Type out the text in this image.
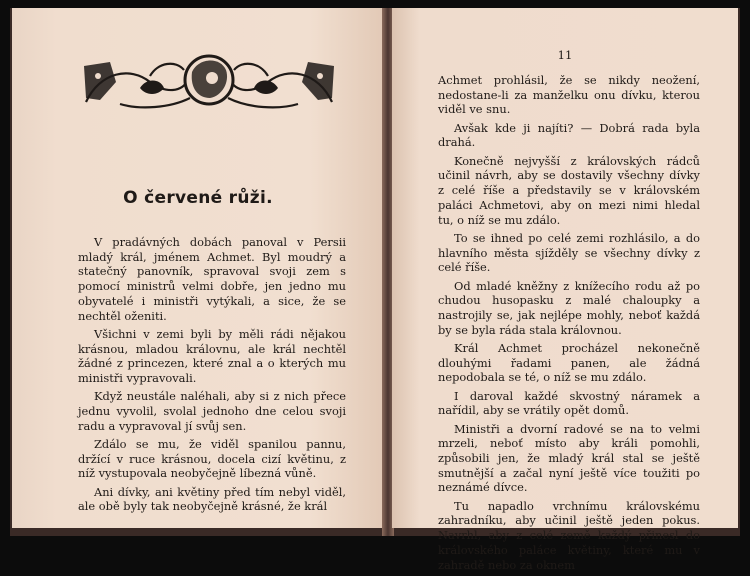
O červené růži.

V pradávných dobách panoval v Persii mladý král, jménem Achmet. Byl moudrý a statečný panovník, spravoval svoji zem s pomocí ministrů velmi dobře, jen jedno mu obyvatelé i ministři vytýkali, a sice, že se nechtěl oženiti.

Všichni v zemi byli by měli rádi nějakou krásnou, mladou královnu, ale král nechtěl žádné z princezen, které znal a o kterých mu ministři vypravovali.

Když neustále naléhali, aby si z nich přece jednu vyvolil, svolal jednoho dne celou svoji radu a vypravoval jí svůj sen.

Zdálo se mu, že viděl spanilou pannu, držící v ruce krásnou, docela cizí květinu, z níž vystupovala neobyčejně líbezná vůně.

Ani dívky, ani květiny před tím nebyl viděl, ale obě byly tak neobyčejně krásné, že král

11

Achmet prohlásil, že se nikdy neožení, nedostane-li za manželku onu dívku, kterou viděl ve snu.

Avšak kde ji najíti? — Dobrá rada byla drahá.

Konečně nejvyšší z královských rádců učinil návrh, aby se dostavily všechny dívky z celé říše a představily se v královském paláci Achmetovi, aby on mezi nimi hledal tu, o níž se mu zdálo.

To se ihned po celé zemi rozhlásilo, a do hlavního města sjížděly se všechny dívky z celé říše.

Od mladé kněžny z knížecího rodu až po chudou husopasku z malé chaloupky a nastrojily se, jak nejlépe mohly, neboť každá by se byla ráda stala královnou.

Král Achmet procházel nekonečně dlouhými řadami panen, ale žádná nepodobala se té, o níž se mu zdálo.

I daroval každé skvostný náramek a nařídil, aby se vrátily opět domů.

Ministři a dvorní radové se na to velmi mrzeli, neboť místo aby králi pomohli, způsobili jen, že mladý král stal se ještě smutnější a začal nyní ještě více toužiti po neznámé dívce.

Tu napadlo vrchnímu královskému zahradníku, aby učinil ještě jeden pokus. Navrhl, aby z celé země každý přinesl do královského paláce květiny, které mu v zahradě nebo za oknem
